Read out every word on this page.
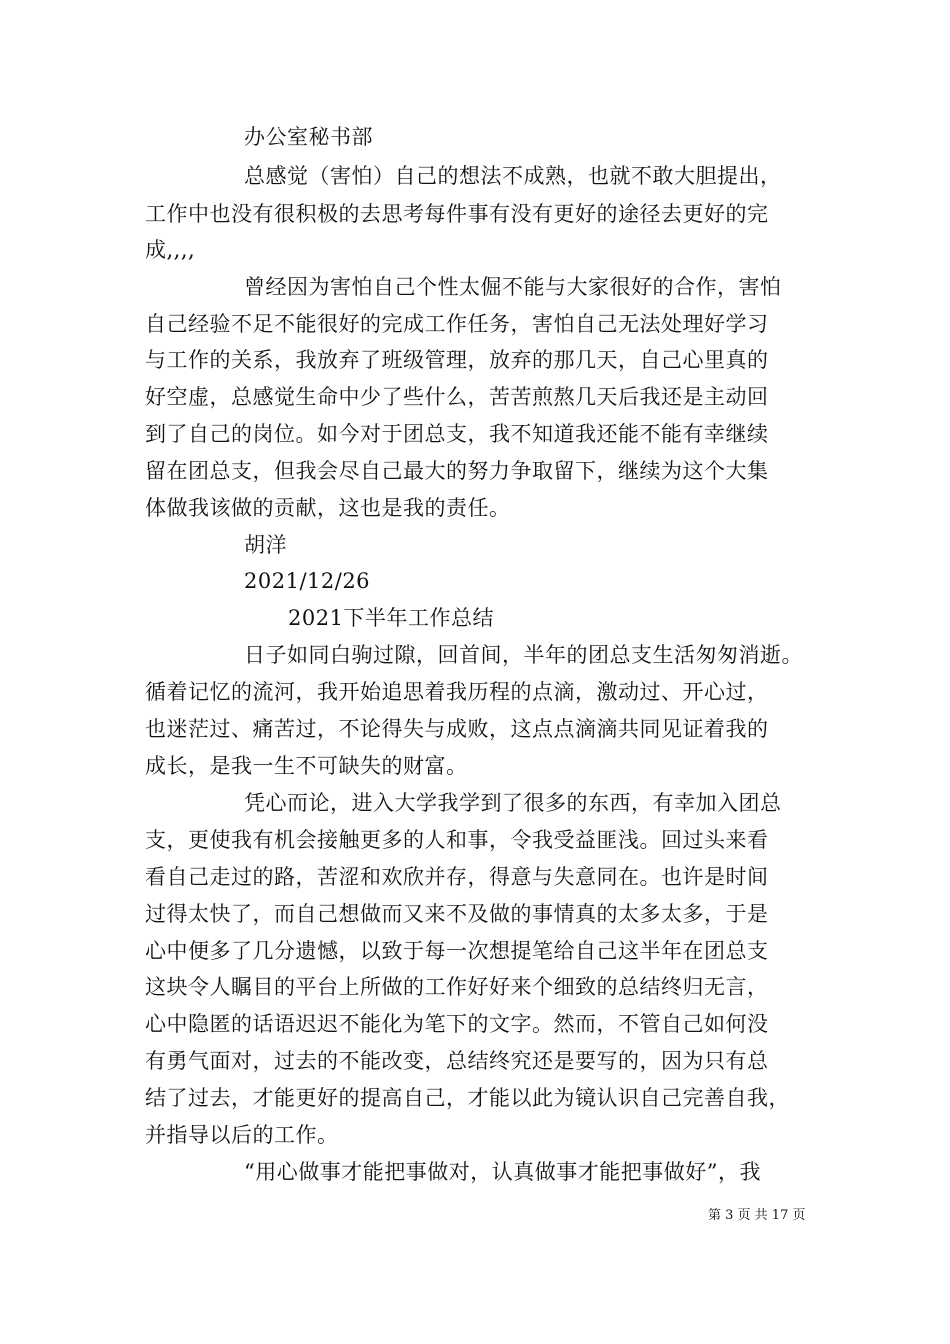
办公室秘书部
总感觉（害怕）自己的想法不成熟，也就不敢大胆提出，
工作中也没有很积极的去思考每件事有没有更好的途径去更好的完
成,,,,
曾经因为害怕自己个性太倔不能与大家很好的合作，害怕
自己经验不足不能很好的完成工作任务，害怕自己无法处理好学习
与工作的关系，我放弃了班级管理，放弃的那几天，自己心里真的
好空虚，总感觉生命中少了些什么，苦苦煎熬几天后我还是主动回
到了自己的岗位。如今对于团总支，我不知道我还能不能有幸继续
留在团总支，但我会尽自己最大的努力争取留下，继续为这个大集
体做我该做的贡献，这也是我的责任。
胡洋
2021/12/26
2021下半年工作总结
日子如同白驹过隙，回首间，半年的团总支生活匆匆消逝。
循着记忆的流河，我开始追思着我历程的点滴，激动过、开心过，
也迷茫过、痛苦过，不论得失与成败，这点点滴滴共同见证着我的
成长，是我一生不可缺失的财富。
凭心而论，进入大学我学到了很多的东西，有幸加入团总
支，更使我有机会接触更多的人和事，令我受益匪浅。回过头来看
看自己走过的路，苦涩和欢欣并存，得意与失意同在。也许是时间
过得太快了，而自己想做而又来不及做的事情真的太多太多，于是
心中便多了几分遗憾，以致于每一次想提笔给自己这半年在团总支
这块令人瞩目的平台上所做的工作好好来个细致的总结终归无言，
心中隐匿的话语迟迟不能化为笔下的文字。然而，不管自己如何没
有勇气面对，过去的不能改变，总结终究还是要写的，因为只有总
结了过去，才能更好的提高自己，才能以此为镜认识自己完善自我，
并指导以后的工作。
“用心做事才能把事做对，认真做事才能把事做好”，我
第 3 页 共 17 页
